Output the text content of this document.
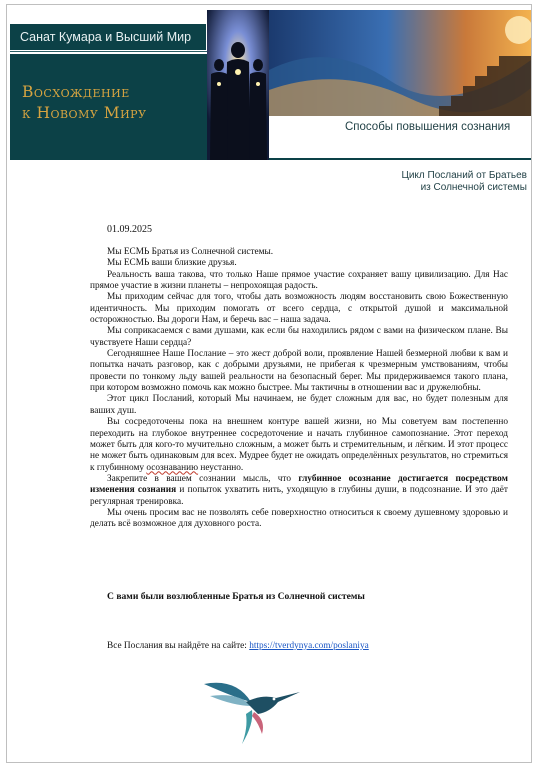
Санат Кумара и Высший Мир
Восхождение
к Новому Миру
Способы повышения сознания
Цикл Посланий от Братьев
из Солнечной системы
01.09.2025

Мы ЕСМЬ Братья из Солнечной системы.

Мы ЕСМЬ ваши близкие друзья.

Реальность ваша такова, что только Наше прямое участие сохраняет вашу цивилизацию. Для Нас прямое участие в жизни планеты – непрохоящая радость.

Мы приходим сейчас для того, чтобы дать возможность людям восстановить свою Божественную идентичность. Мы приходим помогать от всего сердца, с открытой душой и максимальной осторожностью. Вы дороги Нам, и беречь вас – наша задача.

Мы соприкасаемся с вами душами, как если бы находились рядом с вами на физическом плане. Вы чувствуете Наши сердца?

Сегодняшнее Наше Послание – это жест доброй воли, проявление Нашей безмерной любви к вам и попытка начать разговор, как с добрыми друзьями, не прибегая к чрезмерным умствованиям, чтобы провести по тонкому льду вашей реальности на безопасный берег. Мы придерживаемся такого плана, при котором возможно помочь как можно быстрее. Мы тактичны в отношении вас и дружелюбны.

Этот цикл Посланий, который Мы начинаем, не будет сложным для вас, но будет полезным для ваших душ.

Вы сосредоточены пока на внешнем контуре вашей жизни, но Мы советуем вам постепенно переходить на глубокое внутреннее сосредоточение и начать глубинное самопознание. Этот переход может быть для кого-то мучительно сложным, а может быть и стремительным, и лёгким. И этот процесс не может быть одинаковым для всех. Мудрее будет не ожидать определённых результатов, но стремиться к глубинному осознаванию неустанно.

Закрепите в вашем сознании мысль, что глубинное осознание достигается посредством изменения сознания и попыток ухватить нить, уходящую в глубины души, в подсознание. И это даёт регулярная тренировка.

Мы очень просим вас не позволять себе поверхностно относиться к своему душевному здоровью и делать всё возможное для духовного роста.

С вами были возлюбленные Братья из Солнечной системы
Все Послания вы найдёте на сайте: https://tverdynya.com/poslaniya
